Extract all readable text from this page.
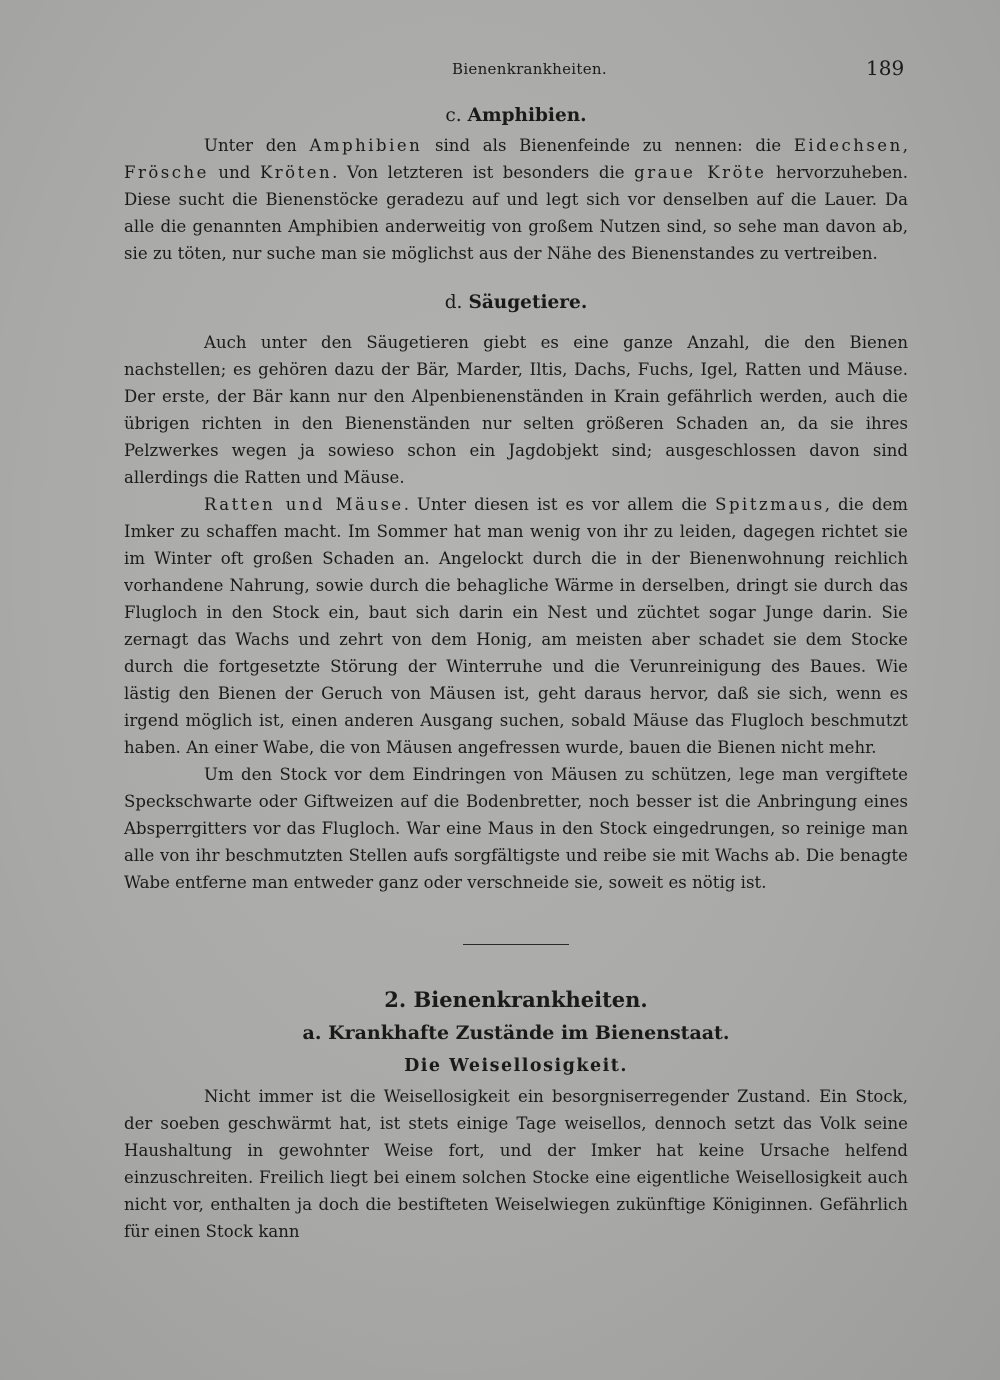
Bienenkrankheiten.	189
c. Amphibien.

Unter den Amphibien sind als Bienenfeinde zu nennen: die Eidechsen, Frösche und Kröten. Von letzteren ist besonders die graue Kröte hervorzuheben. Diese sucht die Bienenstöcke geradezu auf und legt sich vor denselben auf die Lauer. Da alle die genannten Amphibien anderweitig von großem Nutzen sind, so sehe man davon ab, sie zu töten, nur suche man sie möglichst aus der Nähe des Bienenstandes zu vertreiben.

d. Säugetiere.

Auch unter den Säugetieren giebt es eine ganze Anzahl, die den Bienen nachstellen; es gehören dazu der Bär, Marder, Iltis, Dachs, Fuchs, Igel, Ratten und Mäuse. Der erste, der Bär kann nur den Alpenbienenständen in Krain gefährlich werden, auch die übrigen richten in den Bienenständen nur selten größeren Schaden an, da sie ihres Pelzwerkes wegen ja sowieso schon ein Jagdobjekt sind; ausgeschlossen davon sind allerdings die Ratten und Mäuse.

Ratten und Mäuse. Unter diesen ist es vor allem die Spitzmaus, die dem Imker zu schaffen macht. Im Sommer hat man wenig von ihr zu leiden, dagegen richtet sie im Winter oft großen Schaden an. Angelockt durch die in der Bienenwohnung reichlich vorhandene Nahrung, sowie durch die behagliche Wärme in derselben, dringt sie durch das Flugloch in den Stock ein, baut sich darin ein Nest und züchtet sogar Junge darin. Sie zernagt das Wachs und zehrt von dem Honig, am meisten aber schadet sie dem Stocke durch die fortgesetzte Störung der Winterruhe und die Verunreinigung des Baues. Wie lästig den Bienen der Geruch von Mäusen ist, geht daraus hervor, daß sie sich, wenn es irgend möglich ist, einen anderen Ausgang suchen, sobald Mäuse das Flugloch beschmutzt haben. An einer Wabe, die von Mäusen angefressen wurde, bauen die Bienen nicht mehr.

Um den Stock vor dem Eindringen von Mäusen zu schützen, lege man vergiftete Speckschwarte oder Giftweizen auf die Bodenbretter, noch besser ist die Anbringung eines Absperrgitters vor das Flugloch. War eine Maus in den Stock eingedrungen, so reinige man alle von ihr beschmutzten Stellen aufs sorgfältigste und reibe sie mit Wachs ab. Die benagte Wabe entferne man entweder ganz oder verschneide sie, soweit es nötig ist.

2. Bienenkrankheiten.
a. Krankhafte Zustände im Bienenstaat.
Die Weisellosigkeit.

Nicht immer ist die Weisellosigkeit ein besorgniserregender Zustand. Ein Stock, der soeben geschwärmt hat, ist stets einige Tage weisellos, dennoch setzt das Volk seine Haushaltung in gewohnter Weise fort, und der Imker hat keine Ursache helfend einzuschreiten. Freilich liegt bei einem solchen Stocke eine eigentliche Weisellosigkeit auch nicht vor, enthalten ja doch die bestifteten Weiselwiegen zukünftige Königinnen. Gefährlich für einen Stock kann
